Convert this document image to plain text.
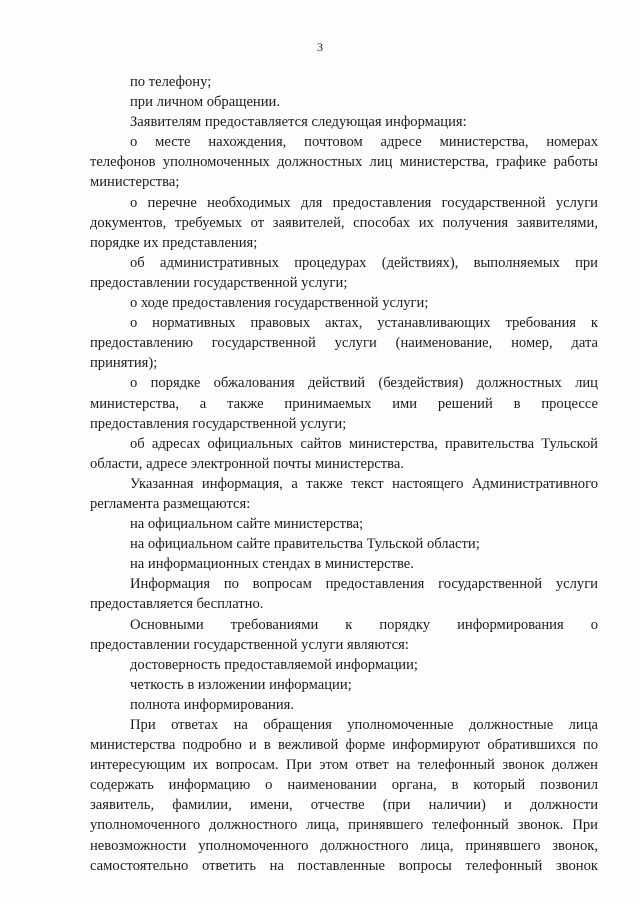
3
по телефону;
при личном обращении.
Заявителям предоставляется следующая информация:
о месте нахождения, почтовом адресе министерства, номерах
телефонов уполномоченных должностных лиц министерства, графике работы
министерства;
о перечне необходимых для предоставления государственной услуги
документов, требуемых от заявителей, способах их получения заявителями,
порядке их представления;
об административных процедурах (действиях), выполняемых при
предоставлении государственной услуги;
о ходе предоставления государственной услуги;
о нормативных правовых актах, устанавливающих требования к
предоставлению государственной услуги (наименование, номер, дата
принятия);
о порядке обжалования действий (бездействия) должностных лиц
министерства, а также принимаемых ими решений в процессе
предоставления государственной услуги;
об адресах официальных сайтов министерства, правительства Тульской
области, адресе электронной почты министерства.
Указанная информация, а также текст настоящего Административного
регламента размещаются:
на официальном сайте министерства;
на официальном сайте правительства Тульской области;
на информационных стендах в министерстве.
Информация по вопросам предоставления государственной услуги
предоставляется бесплатно.
Основными требованиями к порядку информирования о
предоставлении государственной услуги являются:
достоверность предоставляемой информации;
четкость в изложении информации;
полнота информирования.
При ответах на обращения уполномоченные должностные лица
министерства подробно и в вежливой форме информируют обратившихся по
интересующим их вопросам. При этом ответ на телефонный звонок должен
содержать информацию о наименовании органа, в который позвонил
заявитель, фамилии, имени, отчестве (при наличии) и должности
уполномоченного должностного лица, принявшего телефонный звонок. При
невозможности уполномоченного должностного лица, принявшего звонок,
самостоятельно ответить на поставленные вопросы телефонный звонок
